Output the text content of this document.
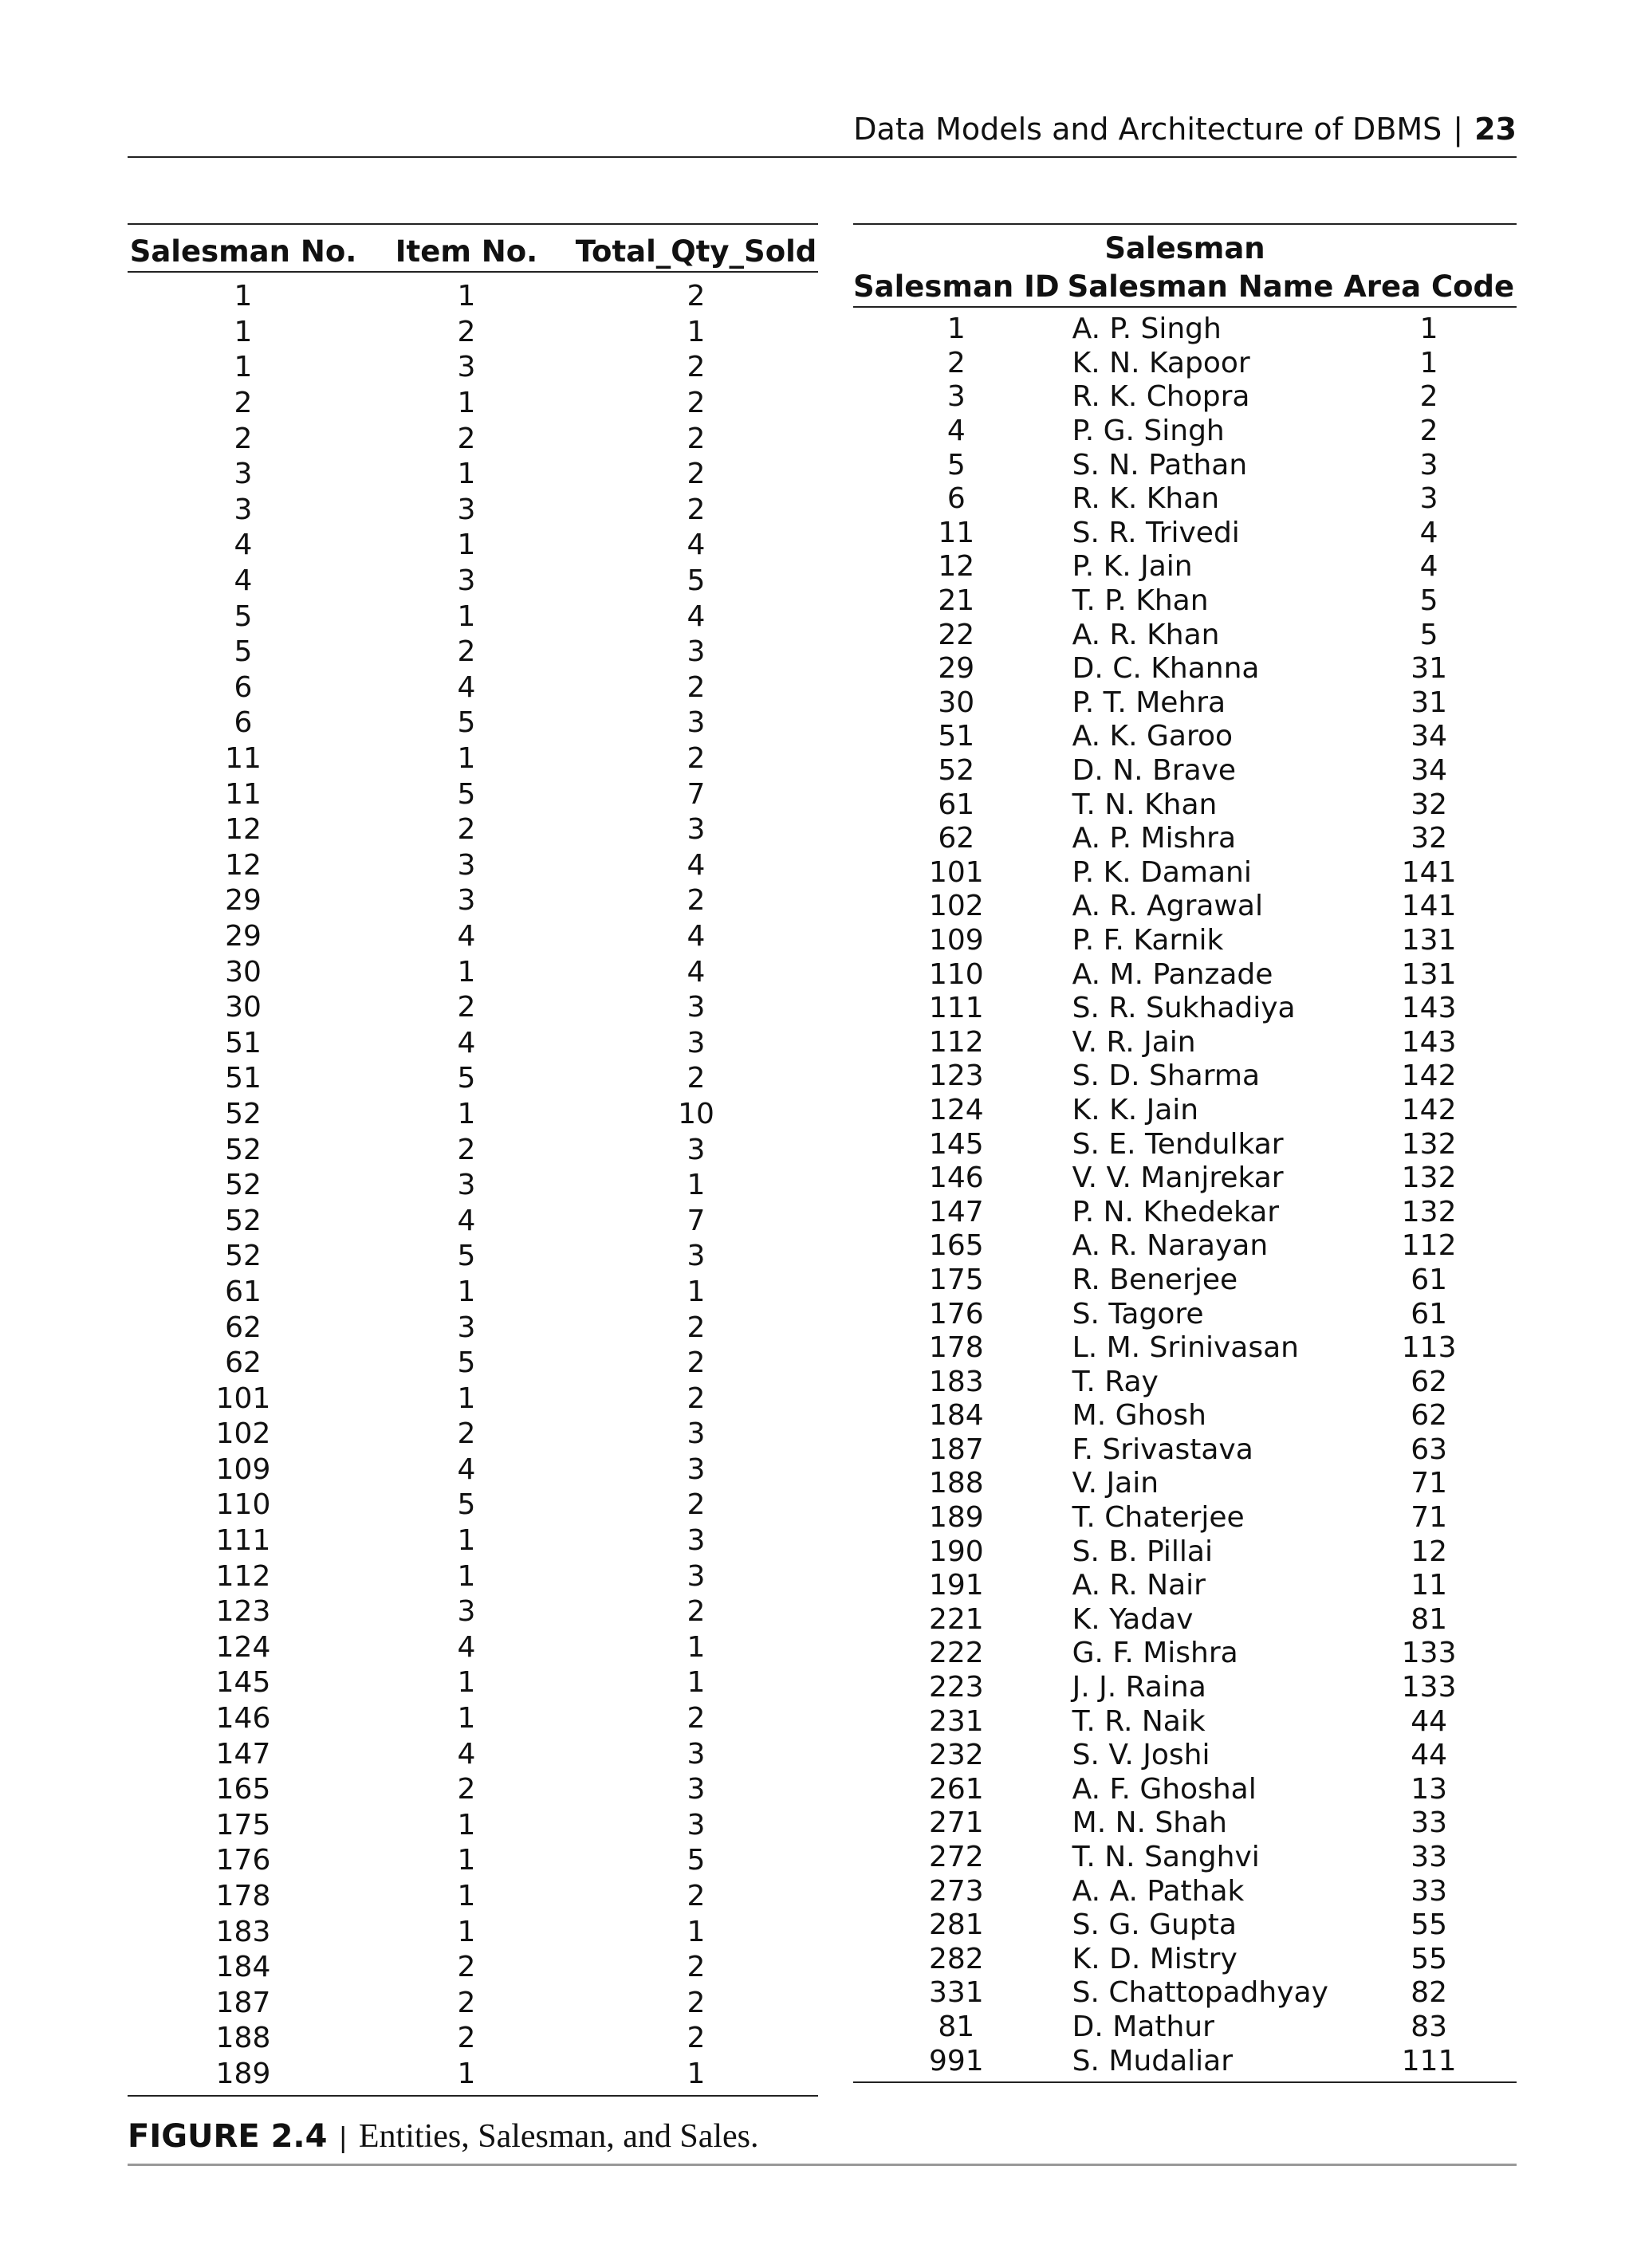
Data Models and Architecture of DBMS | 23
Salesman No.	Item No.	Total_Qty_Sold
1	1	2
1	2	1
1	3	2
2	1	2
2	2	2
3	1	2
3	3	2
4	1	4
4	3	5
5	1	4
5	2	3
6	4	2
6	5	3
11	1	2
11	5	7
12	2	3
12	3	4
29	3	2
29	4	4
30	1	4
30	2	3
51	4	3
51	5	2
52	1	10
52	2	3
52	3	1
52	4	7
52	5	3
61	1	1
62	3	2
62	5	2
101	1	2
102	2	3
109	4	3
110	5	2
111	1	3
112	1	3
123	3	2
124	4	1
145	1	1
146	1	2
147	4	3
165	2	3
175	1	3
176	1	5
178	1	2
183	1	1
184	2	2
187	2	2
188	2	2
189	1	1
Salesman		
Salesman ID	Salesman Name	Area Code
1	A. P. Singh	1
2	K. N. Kapoor	1
3	R. K. Chopra	2
4	P. G. Singh	2
5	S. N. Pathan	3
6	R. K. Khan	3
11	S. R. Trivedi	4
12	P. K. Jain	4
21	T. P. Khan	5
22	A. R. Khan	5
29	D. C. Khanna	31
30	P. T. Mehra	31
51	A. K. Garoo	34
52	D. N. Brave	34
61	T. N. Khan	32
62	A. P. Mishra	32
101	P. K. Damani	141
102	A. R. Agrawal	141
109	P. F. Karnik	131
110	A. M. Panzade	131
111	S. R. Sukhadiya	143
112	V. R. Jain	143
123	S. D. Sharma	142
124	K. K. Jain	142
145	S. E. Tendulkar	132
146	V. V. Manjrekar	132
147	P. N. Khedekar	132
165	A. R. Narayan	112
175	R. Benerjee	61
176	S. Tagore	61
178	L. M. Srinivasan	113
183	T. Ray	62
184	M. Ghosh	62
187	F. Srivastava	63
188	V. Jain	71
189	T. Chaterjee	71
190	S. B. Pillai	12
191	A. R. Nair	11
221	K. Yadav	81
222	G. F. Mishra	133
223	J. J. Raina	133
231	T. R. Naik	44
232	S. V. Joshi	44
261	A. F. Ghoshal	13
271	M. N. Shah	33
272	T. N. Sanghvi	33
273	A. A. Pathak	33
281	S. G. Gupta	55
282	K. D. Mistry	55
331	S. Chattopadhyay	82
81	D. Mathur	83
991	S. Mudaliar	111
FIGURE 2.4 | Entities, Salesman, and Sales.
